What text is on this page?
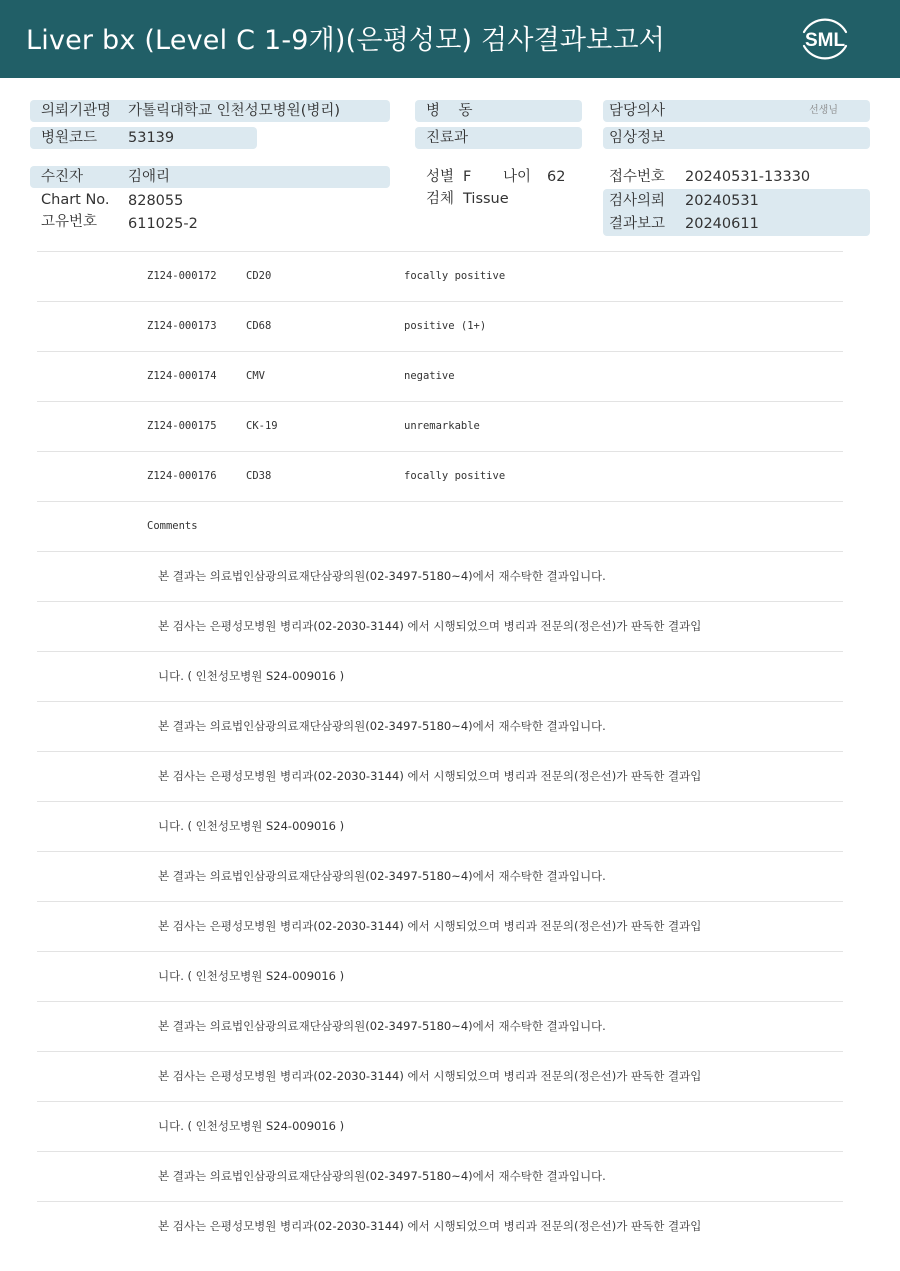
Liver bx (Level C 1-9개)(은평성모) 검사결과보고서	SML
의뢰기관명 가톨릭대학교 인천성모병원(병리)
병원코드 53139
수진자	김애리
Chart No. 828055
고유번호 611025-2
병    동
진료과
성별 F 나이 62
검체 Tissue
담당의사	선생님
임상정보
접수번호 20240531-13330
검사의뢰 20240531
결과보고 20240611
Z124-000172	CD20	focally positive
Z124-000173	CD68	positive (1+)
Z124-000174	CMV	negative
Z124-000175	CK-19	unremarkable
Z124-000176	CD38	focally positive
Comments
본 결과는 의료법인삼광의료재단삼광의원(02-3497-5180~4)에서 재수탁한 결과입니다.
본 검사는 은평성모병원 병리과(02-2030-3144) 에서 시행되었으며 병리과 전문의(정은선)가 판독한 결과입
니다. ( 인천성모병원 S24-009016 )
본 결과는 의료법인삼광의료재단삼광의원(02-3497-5180~4)에서 재수탁한 결과입니다.
본 검사는 은평성모병원 병리과(02-2030-3144) 에서 시행되었으며 병리과 전문의(정은선)가 판독한 결과입
니다. ( 인천성모병원 S24-009016 )
본 결과는 의료법인삼광의료재단삼광의원(02-3497-5180~4)에서 재수탁한 결과입니다.
본 검사는 은평성모병원 병리과(02-2030-3144) 에서 시행되었으며 병리과 전문의(정은선)가 판독한 결과입
니다. ( 인천성모병원 S24-009016 )
본 결과는 의료법인삼광의료재단삼광의원(02-3497-5180~4)에서 재수탁한 결과입니다.
본 검사는 은평성모병원 병리과(02-2030-3144) 에서 시행되었으며 병리과 전문의(정은선)가 판독한 결과입
니다. ( 인천성모병원 S24-009016 )
본 결과는 의료법인삼광의료재단삼광의원(02-3497-5180~4)에서 재수탁한 결과입니다.
본 검사는 은평성모병원 병리과(02-2030-3144) 에서 시행되었으며 병리과 전문의(정은선)가 판독한 결과입
